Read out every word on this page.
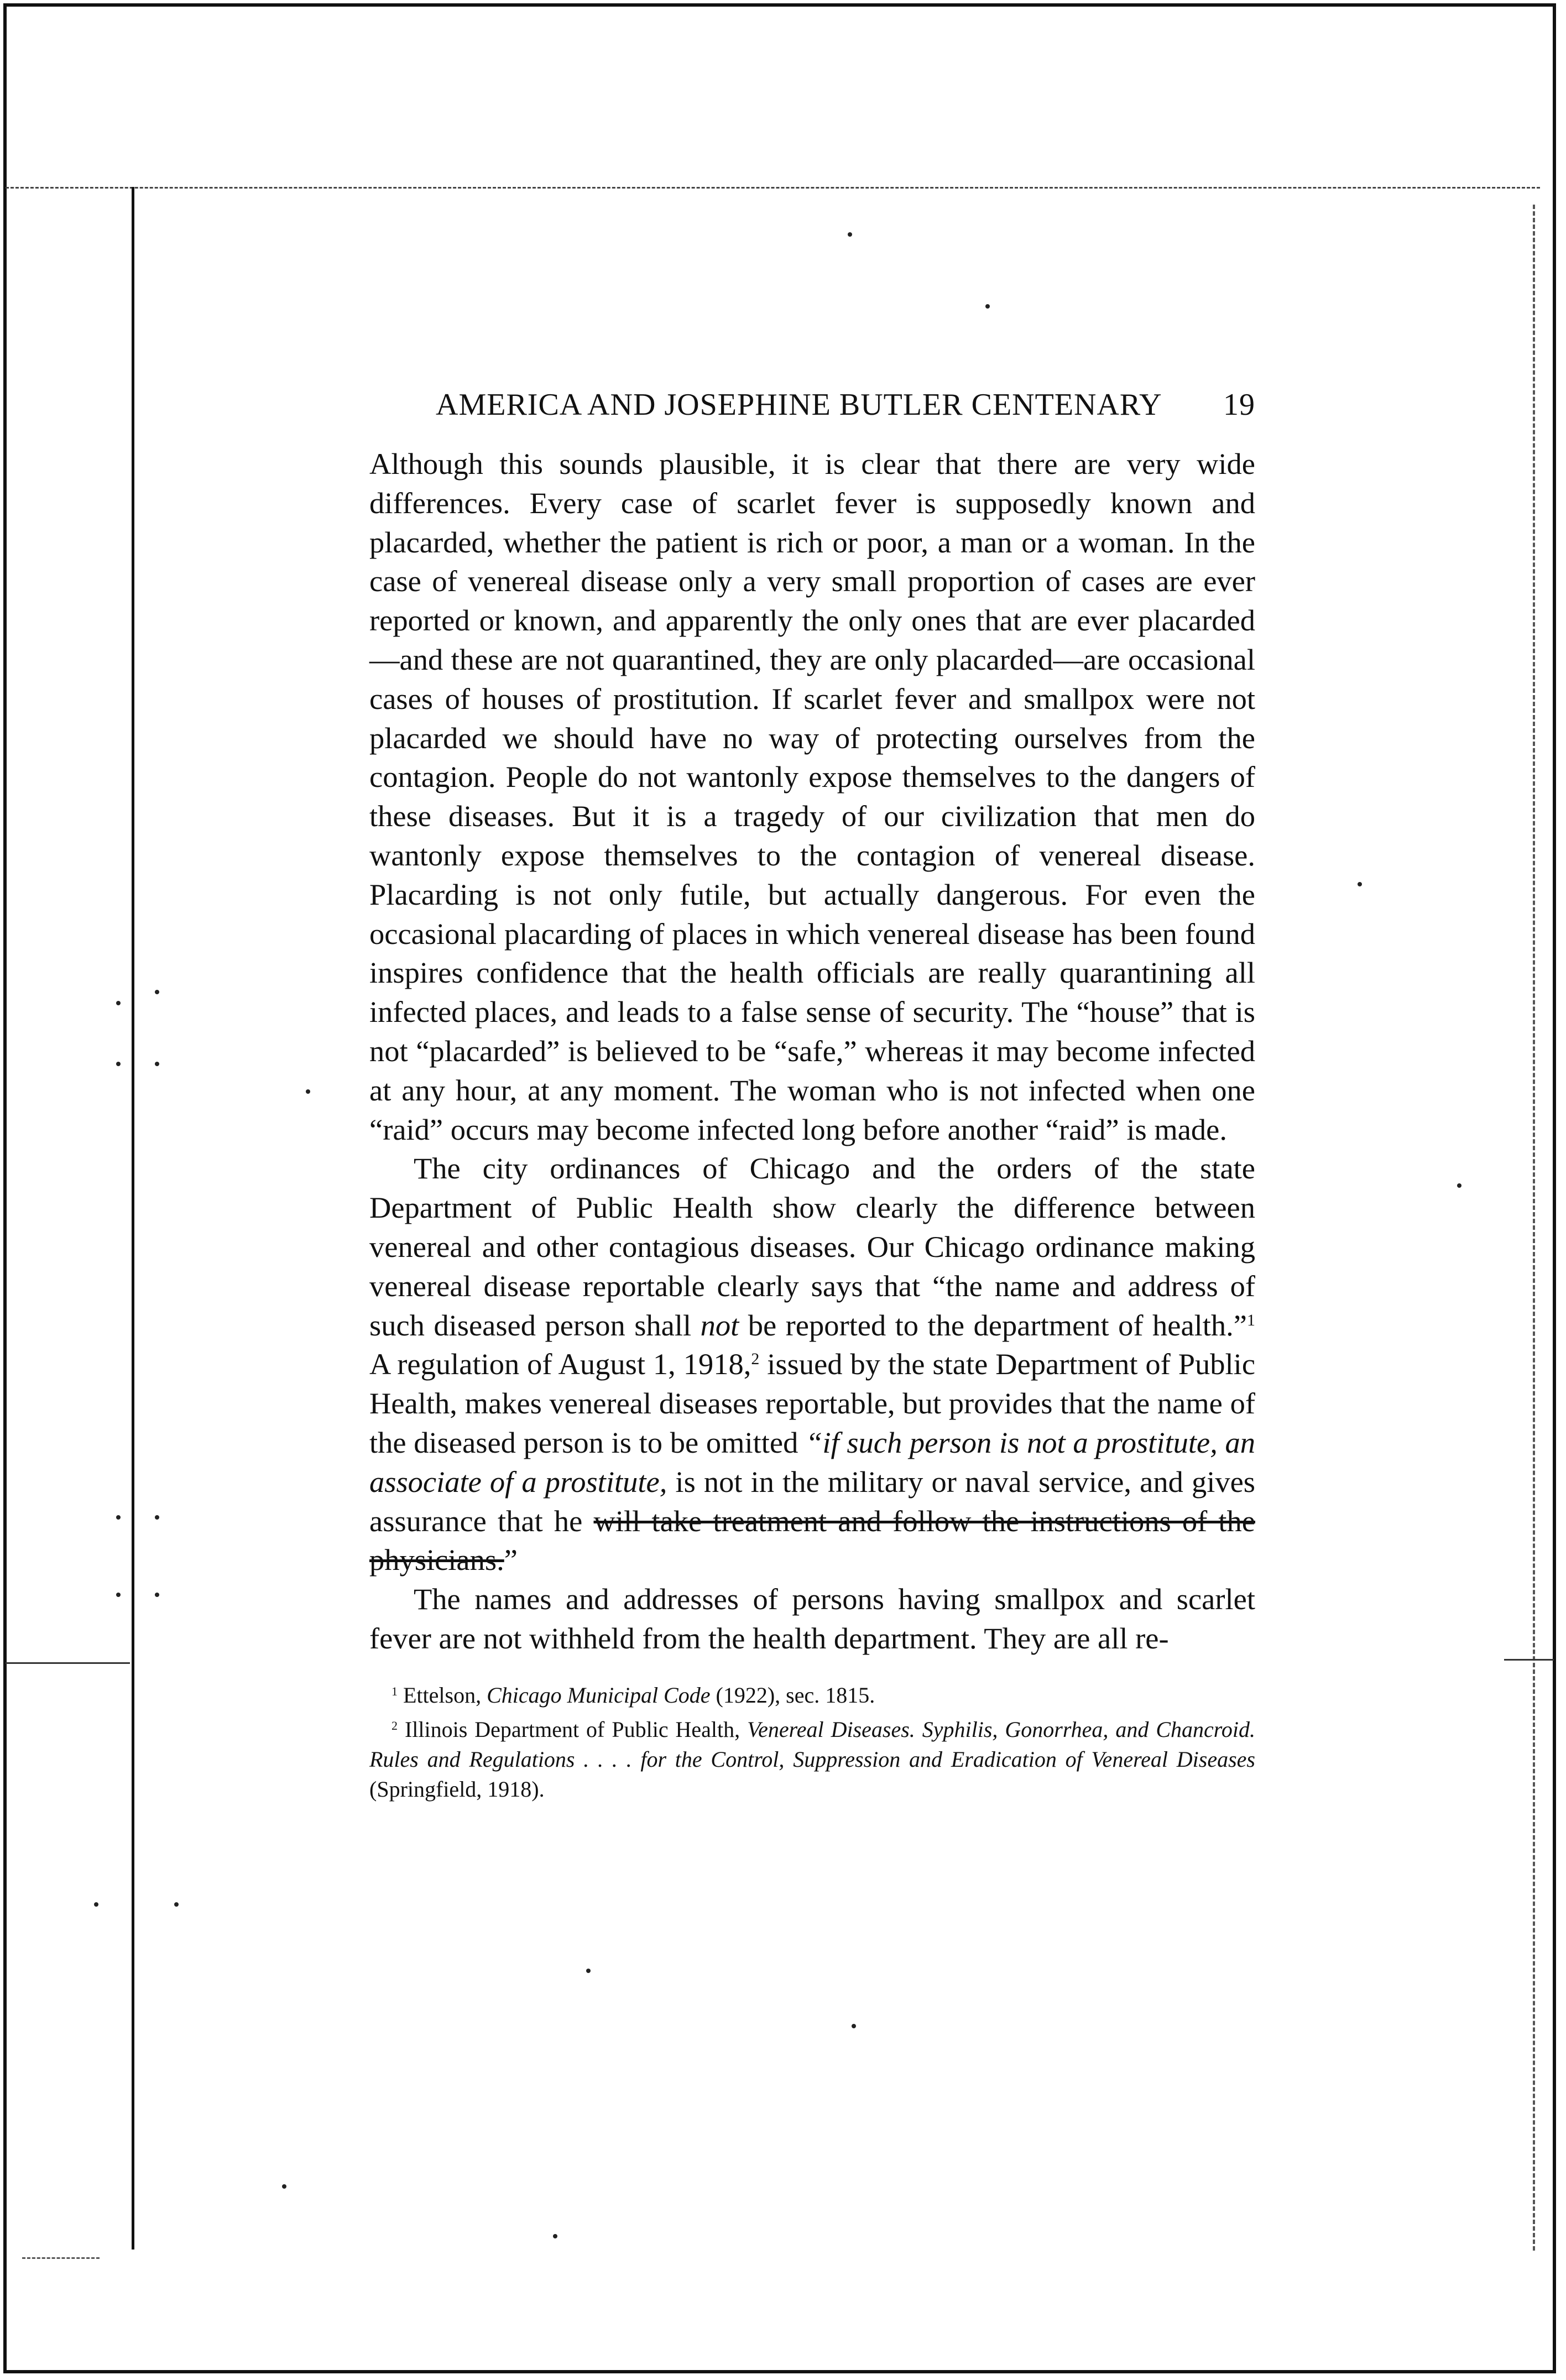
AMERICA AND JOSEPHINE BUTLER CENTENARY 19

Although this sounds plausible, it is clear that there are very wide differences. Every case of scarlet fever is supposedly known and placarded, whether the patient is rich or poor, a man or a woman. In the case of venereal disease only a very small proportion of cases are ever reported or known, and apparently the only ones that are ever placarded—and these are not quarantined, they are only placarded—are occasional cases of houses of prostitution. If scarlet fever and smallpox were not placarded we should have no way of protecting ourselves from the contagion. People do not wantonly expose themselves to the dangers of these diseases. But it is a tragedy of our civilization that men do wantonly expose themselves to the contagion of venereal disease. Placarding is not only futile, but actually dangerous. For even the occasional placarding of places in which venereal disease has been found inspires confidence that the health officials are really quarantining all infected places, and leads to a false sense of security. The “house” that is not “placarded” is believed to be “safe,” whereas it may become infected at any hour, at any moment. The woman who is not infected when one “raid” occurs may become infected long before another “raid” is made.

The city ordinances of Chicago and the orders of the state Department of Public Health show clearly the difference between venereal and other contagious diseases. Our Chicago ordinance making venereal disease reportable clearly says that “the name and address of such diseased person shall not be reported to the department of health.”$^1$ A regulation of August 1, 1918,$^2$ issued by the state Department of Public Health, makes venereal diseases reportable, but provides that the name of the diseased person is to be omitted “if such person is not a prostitute, an associate of a prostitute, is not in the military or naval service, and gives assurance that he will take treatment and follow the instructions of the physicians.”

The names and addresses of persons having smallpox and scarlet fever are not withheld from the health department. They are all re-

$^1$ Ettelson, Chicago Municipal Code (1922), sec. 1815.

$^2$ Illinois Department of Public Health, Venereal Diseases. Syphilis, Gonorrhea, and Chancroid. Rules and Regulations . . . . for the Control, Suppression and Eradication of Venereal Diseases (Springfield, 1918).
